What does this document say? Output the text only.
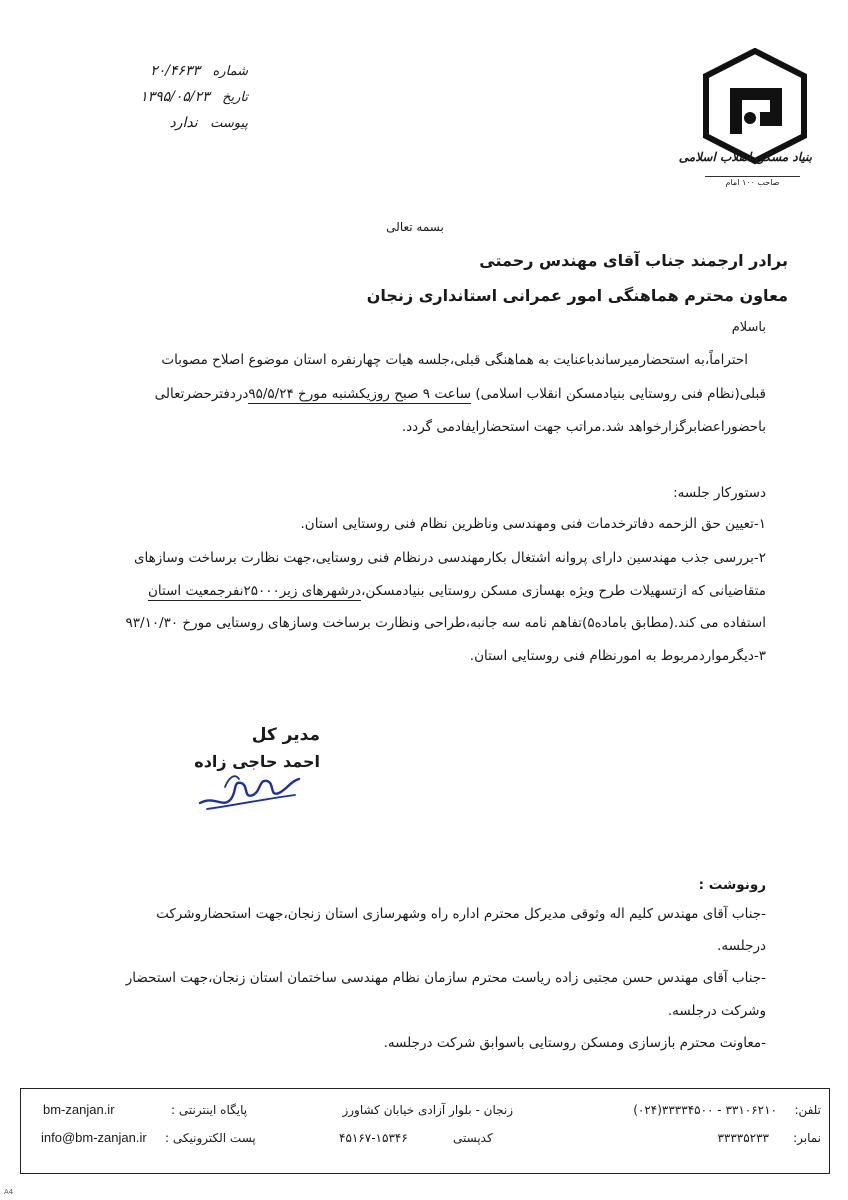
شماره ۲۰/۴۶۳۳
تاریخ ۱۳۹۵/۰۵/۲۳
پیوست ندارد
بنیاد مسکن انقلاب اسلامی
صاحب ۱۰۰ امام
بسمه تعالی
برادر ارجمند جناب آقای مهندس رحمتی
معاون محترم هماهنگی امور عمرانی استانداری زنجان
باسلام
احتراماً،به استحضارمیرساندباعنایت به هماهنگی قبلی،جلسه هیات چهارنفره استان موضوع اصلاح مصوبات
قبلی(نظام فنی روستایی بنیادمسکن انقلاب اسلامی) ساعت ۹ صبح روزیکشنبه مورخ ۹۵/۵/۲۴دردفترحضرتعالی
باحضوراعضابرگزارخواهد شد.مراتب جهت استحضارایفادمی گردد.
دستورکار جلسه:
۱-تعیین حق الزحمه دفاترخدمات فنی ومهندسی وناظرین نظام فنی روستایی استان.
۲-بررسی جذب مهندسین دارای پروانه اشتغال بکارمهندسی درنظام فنی روستایی،جهت نظارت برساخت وسازهای
متقاضیانی که ازتسهیلات طرح ویژه بهسازی مسکن روستایی بنیادمسکن،درشهرهای زیر۲۵۰۰۰نفرجمعیت استان
استفاده می کند.(مطابق بامادە۵)تفاهم نامه سه جانبه،طراحی ونظارت برساخت وسازهای روستایی مورخ ۹۳/۱۰/۳۰
۳-دیگرمواردمربوط به امورنظام فنی روستایی استان.
مدیر کل
احمد حاجی زاده
رونوشت :
-جناب آقای مهندس کلیم اله وثوقی مدیرکل محترم اداره راه وشهرسازی استان زنجان،جهت استحضاروشرکت
درجلسه.
-جناب آقای مهندس حسن مجتبی زاده ریاست محترم سازمان نظام مهندسی ساختمان استان زنجان،جهت استحضار
وشرکت درجلسه.
-معاونت محترم بازسازی ومسکن روستایی باسوابق شرکت درجلسه.
تلفن:
۳۳۱۰۶۲۱۰ - ۳۳۳۳۴۵۰۰(۰۲۴)
نمابر:
۳۳۳۳۵۲۳۳
زنجان - بلوار آزادی خیابان کشاورز
کدپستی
۴۵۱۶۷-۱۵۳۴۶
پایگاه اینترنتی :
bm-zanjan.ir
پست الکترونیکی :
info@bm-zanjan.ir
A4
